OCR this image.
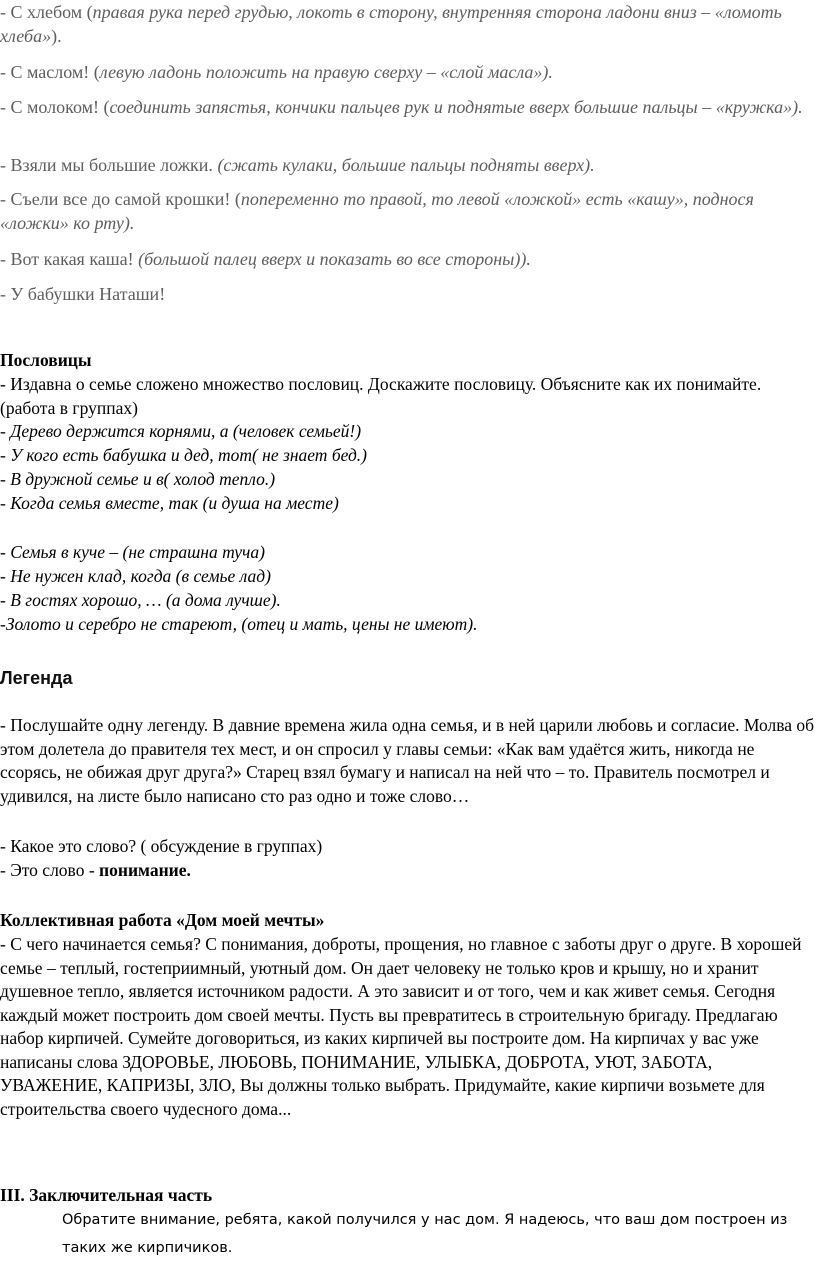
- С хлебом (правая рука перед грудью, локоть в сторону, внутренняя сторона ладони вниз – «ломоть хлеба»).

- С маслом! (левую ладонь положить на правую сверху – «слой масла»).

- С молоком! (соединить запястья, кончики пальцев рук и поднятые вверх большие пальцы – «кружка»).

- Взяли мы большие ложки. (сжать кулаки, большие пальцы подняты вверх).

- Съели все до самой крошки! (попеременно то правой, то левой «ложкой» есть «кашу», поднося «ложки» ко рту).

- Вот какая каша! (большой палец вверх и показать во все стороны)).

- У бабушки Наташи!

Пословицы

- Издавна о семье сложено множество пословиц. Доскажите пословицу. Объясните как их понимайте. (работа в группах)

- Дерево держится корнями, а (человек семьей!)

- У кого есть бабушка и дед, тот( не знает бед.)

- В дружной семье и в( холод тепло.)

- Когда семья вместе, так (и душа на месте)

- Семья в куче – (не страшна туча)

- Не нужен клад, когда (в семье лад)

- В гостях хорошо, … (а дома лучше).

-Золото и серебро не стареют, (отец и мать, цены не имеют).

Легенда

- Послушайте одну легенду. В давние времена жила одна семья, и в ней царили любовь и согласие. Молва об этом долетела до правителя тех мест, и он спросил у главы семьи: «Как вам удаётся жить, никогда не ссорясь, не обижая друг друга?» Старец взял бумагу и написал на ней что – то. Правитель посмотрел и удивился, на листе было написано сто раз одно и тоже слово…

- Какое это слово? ( обсуждение в группах)

- Это слово - понимание.

Коллективная работа «Дом моей мечты»

- С чего начинается семья? С понимания, доброты, прощения, но главное с заботы друг о друге. В хорошей семье – теплый, гостеприимный, уютный дом. Он дает человеку не только кров и крышу, но и хранит душевное тепло, является источником радости. А это зависит и от того, чем и как живет семья. Сегодня каждый может построить дом своей мечты. Пусть вы превратитесь в строительную бригаду. Предлагаю набор кирпичей. Сумейте договориться, из каких кирпичей вы построите дом. На кирпичах у вас уже написаны слова ЗДОРОВЬЕ, ЛЮБОВЬ, ПОНИМАНИЕ, УЛЫБКА, ДОБРОТА, УЮТ, ЗАБОТА, УВАЖЕНИЕ, КАПРИЗЫ, ЗЛО, Вы должны только выбрать. Придумайте, какие кирпичи возьмете для строительства своего чудесного дома...

III. Заключительная часть

Обратите внимание, ребята, какой получился у нас дом. Я надеюсь, что ваш дом построен из таких же кирпичиков.
